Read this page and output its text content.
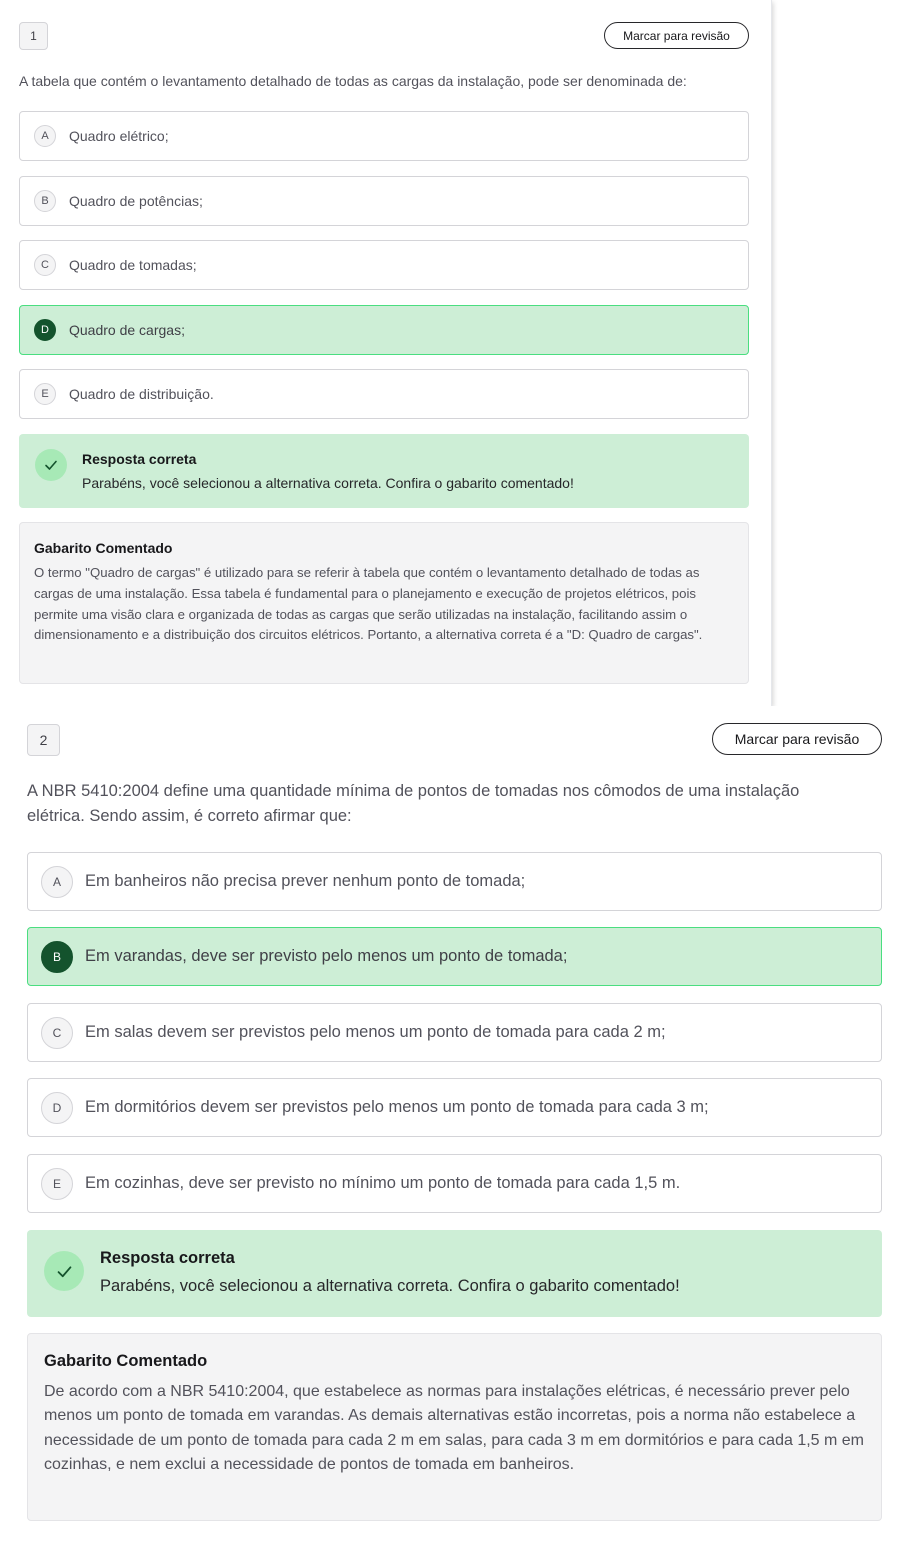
1	Marcar para revisão

A tabela que contém o levantamento detalhado de todas as cargas da instalação, pode ser denominada de:

A	Quadro elétrico;
B	Quadro de potências;
C	Quadro de tomadas;
D	Quadro de cargas;
E	Quadro de distribuição.

Resposta correta

Parabéns, você selecionou a alternativa correta. Confira o gabarito comentado!

Gabarito Comentado

O termo "Quadro de cargas" é utilizado para se referir à tabela que contém o levantamento detalhado de todas as cargas de uma instalação. Essa tabela é fundamental para o planejamento e execução de projetos elétricos, pois permite uma visão clara e organizada de todas as cargas que serão utilizadas na instalação, facilitando assim o dimensionamento e a distribuição dos circuitos elétricos. Portanto, a alternativa correta é a "D: Quadro de cargas".

2	Marcar para revisão

A NBR 5410:2004 define uma quantidade mínima de pontos de tomadas nos cômodos de uma instalação elétrica. Sendo assim, é correto afirmar que:

A	Em banheiros não precisa prever nenhum ponto de tomada;
B	Em varandas, deve ser previsto pelo menos um ponto de tomada;
C	Em salas devem ser previstos pelo menos um ponto de tomada para cada 2 m;
D	Em dormitórios devem ser previstos pelo menos um ponto de tomada para cada 3 m;
E	Em cozinhas, deve ser previsto no mínimo um ponto de tomada para cada 1,5 m.

Resposta correta

Parabéns, você selecionou a alternativa correta. Confira o gabarito comentado!

Gabarito Comentado

De acordo com a NBR 5410:2004, que estabelece as normas para instalações elétricas, é necessário prever pelo menos um ponto de tomada em varandas. As demais alternativas estão incorretas, pois a norma não estabelece a necessidade de um ponto de tomada para cada 2 m em salas, para cada 3 m em dormitórios e para cada 1,5 m em cozinhas, e nem exclui a necessidade de pontos de tomada em banheiros.
